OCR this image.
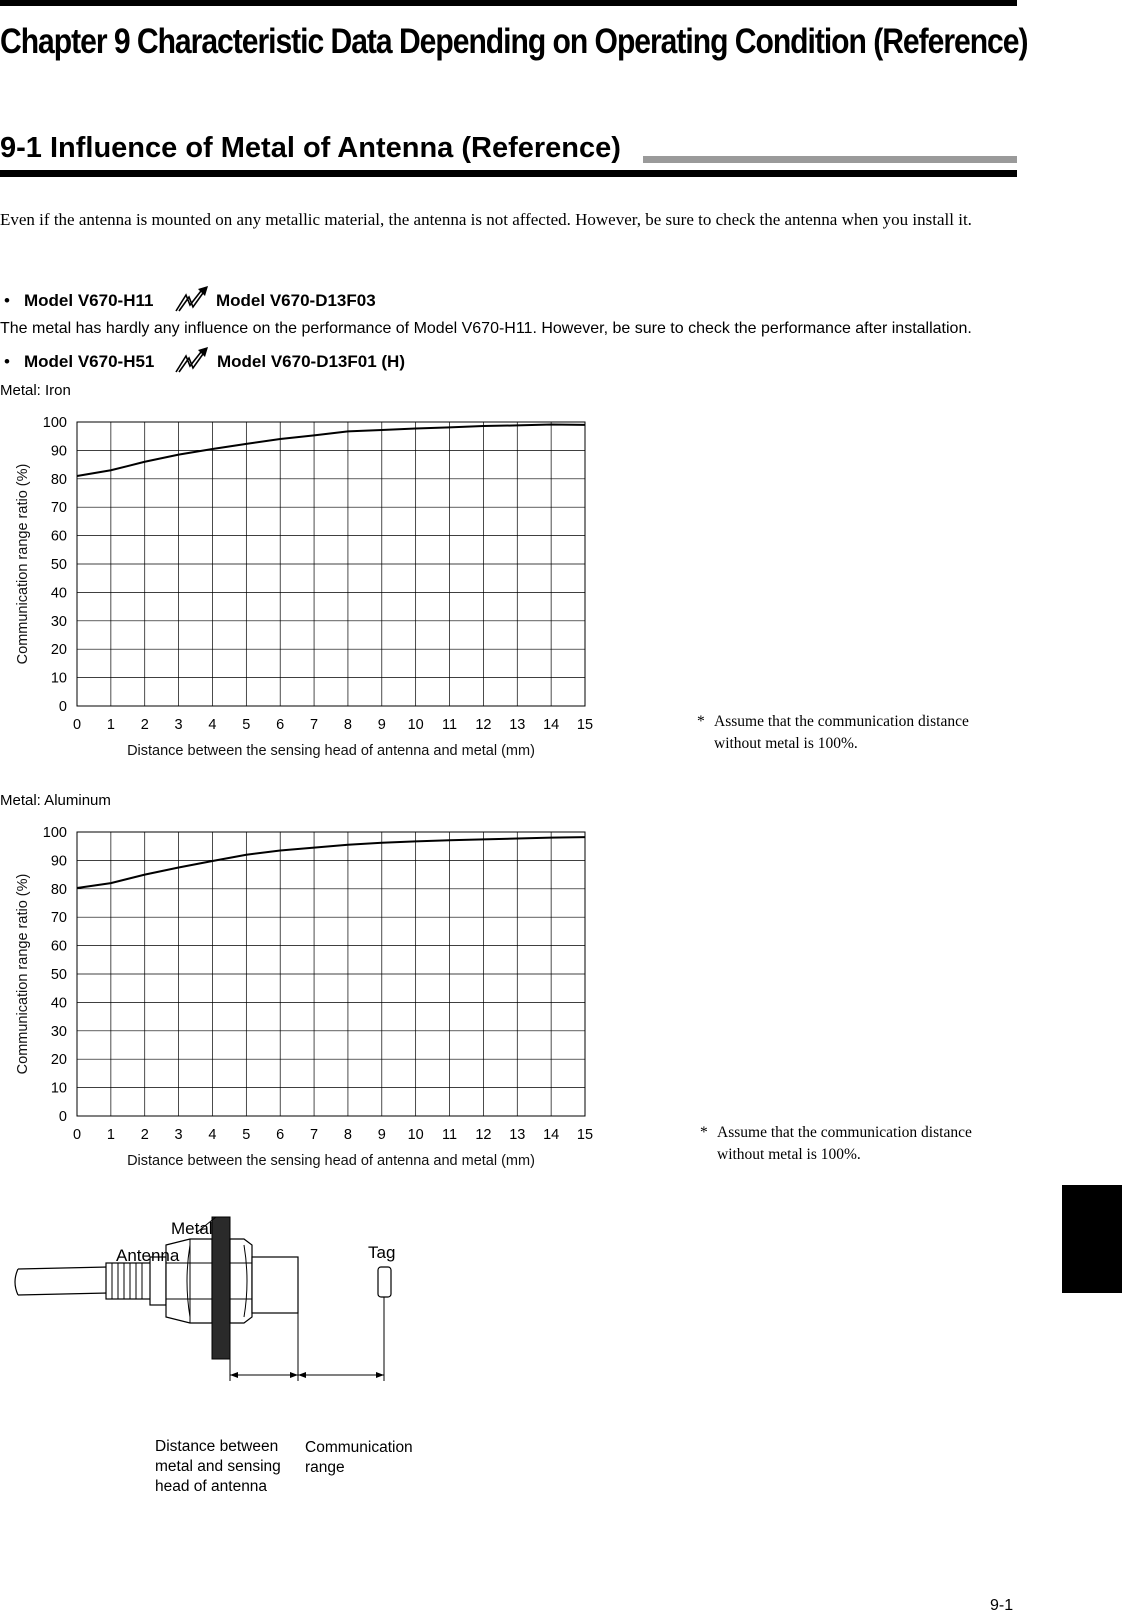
Chapter 9 Characteristic Data Depending on Operating Condition (Reference)
9-1 Influence of Metal of Antenna (Reference)
Even if the antenna is mounted on any metallic material, the antenna is not affected. However, be sure to check the antenna when you install it.
• Model V670-H11	Model V670-D13F03
The metal has hardly any influence on the performance of Model V670-H11. However, be sure to check the performance after installation.
• Model V670-H51	Model V670-D13F01 (H)
Metal: Iron
0 1 2 3 4 5 6 7 8 9 10 11 12 13 14 15
0
10
20
30
40
50
60
70
80
90
100
Distance between the sensing head of antenna and metal (mm)
Communication range ratio (%)
* Assume that the communication distance
without metal is 100%.
Metal: Aluminum
0 1 2 3 4 5 6 7 8 9 10 11 12 13 14 15
0
10
20
30
40
50
60
70
80
90
100
Distance between the sensing head of antenna and metal (mm)
Communication range ratio (%)
* Assume that the communication distance
without metal is 100%.
Metal
Antenna	Tag
Distance between
metal and sensing
head of antenna
Communication
range
9-1
